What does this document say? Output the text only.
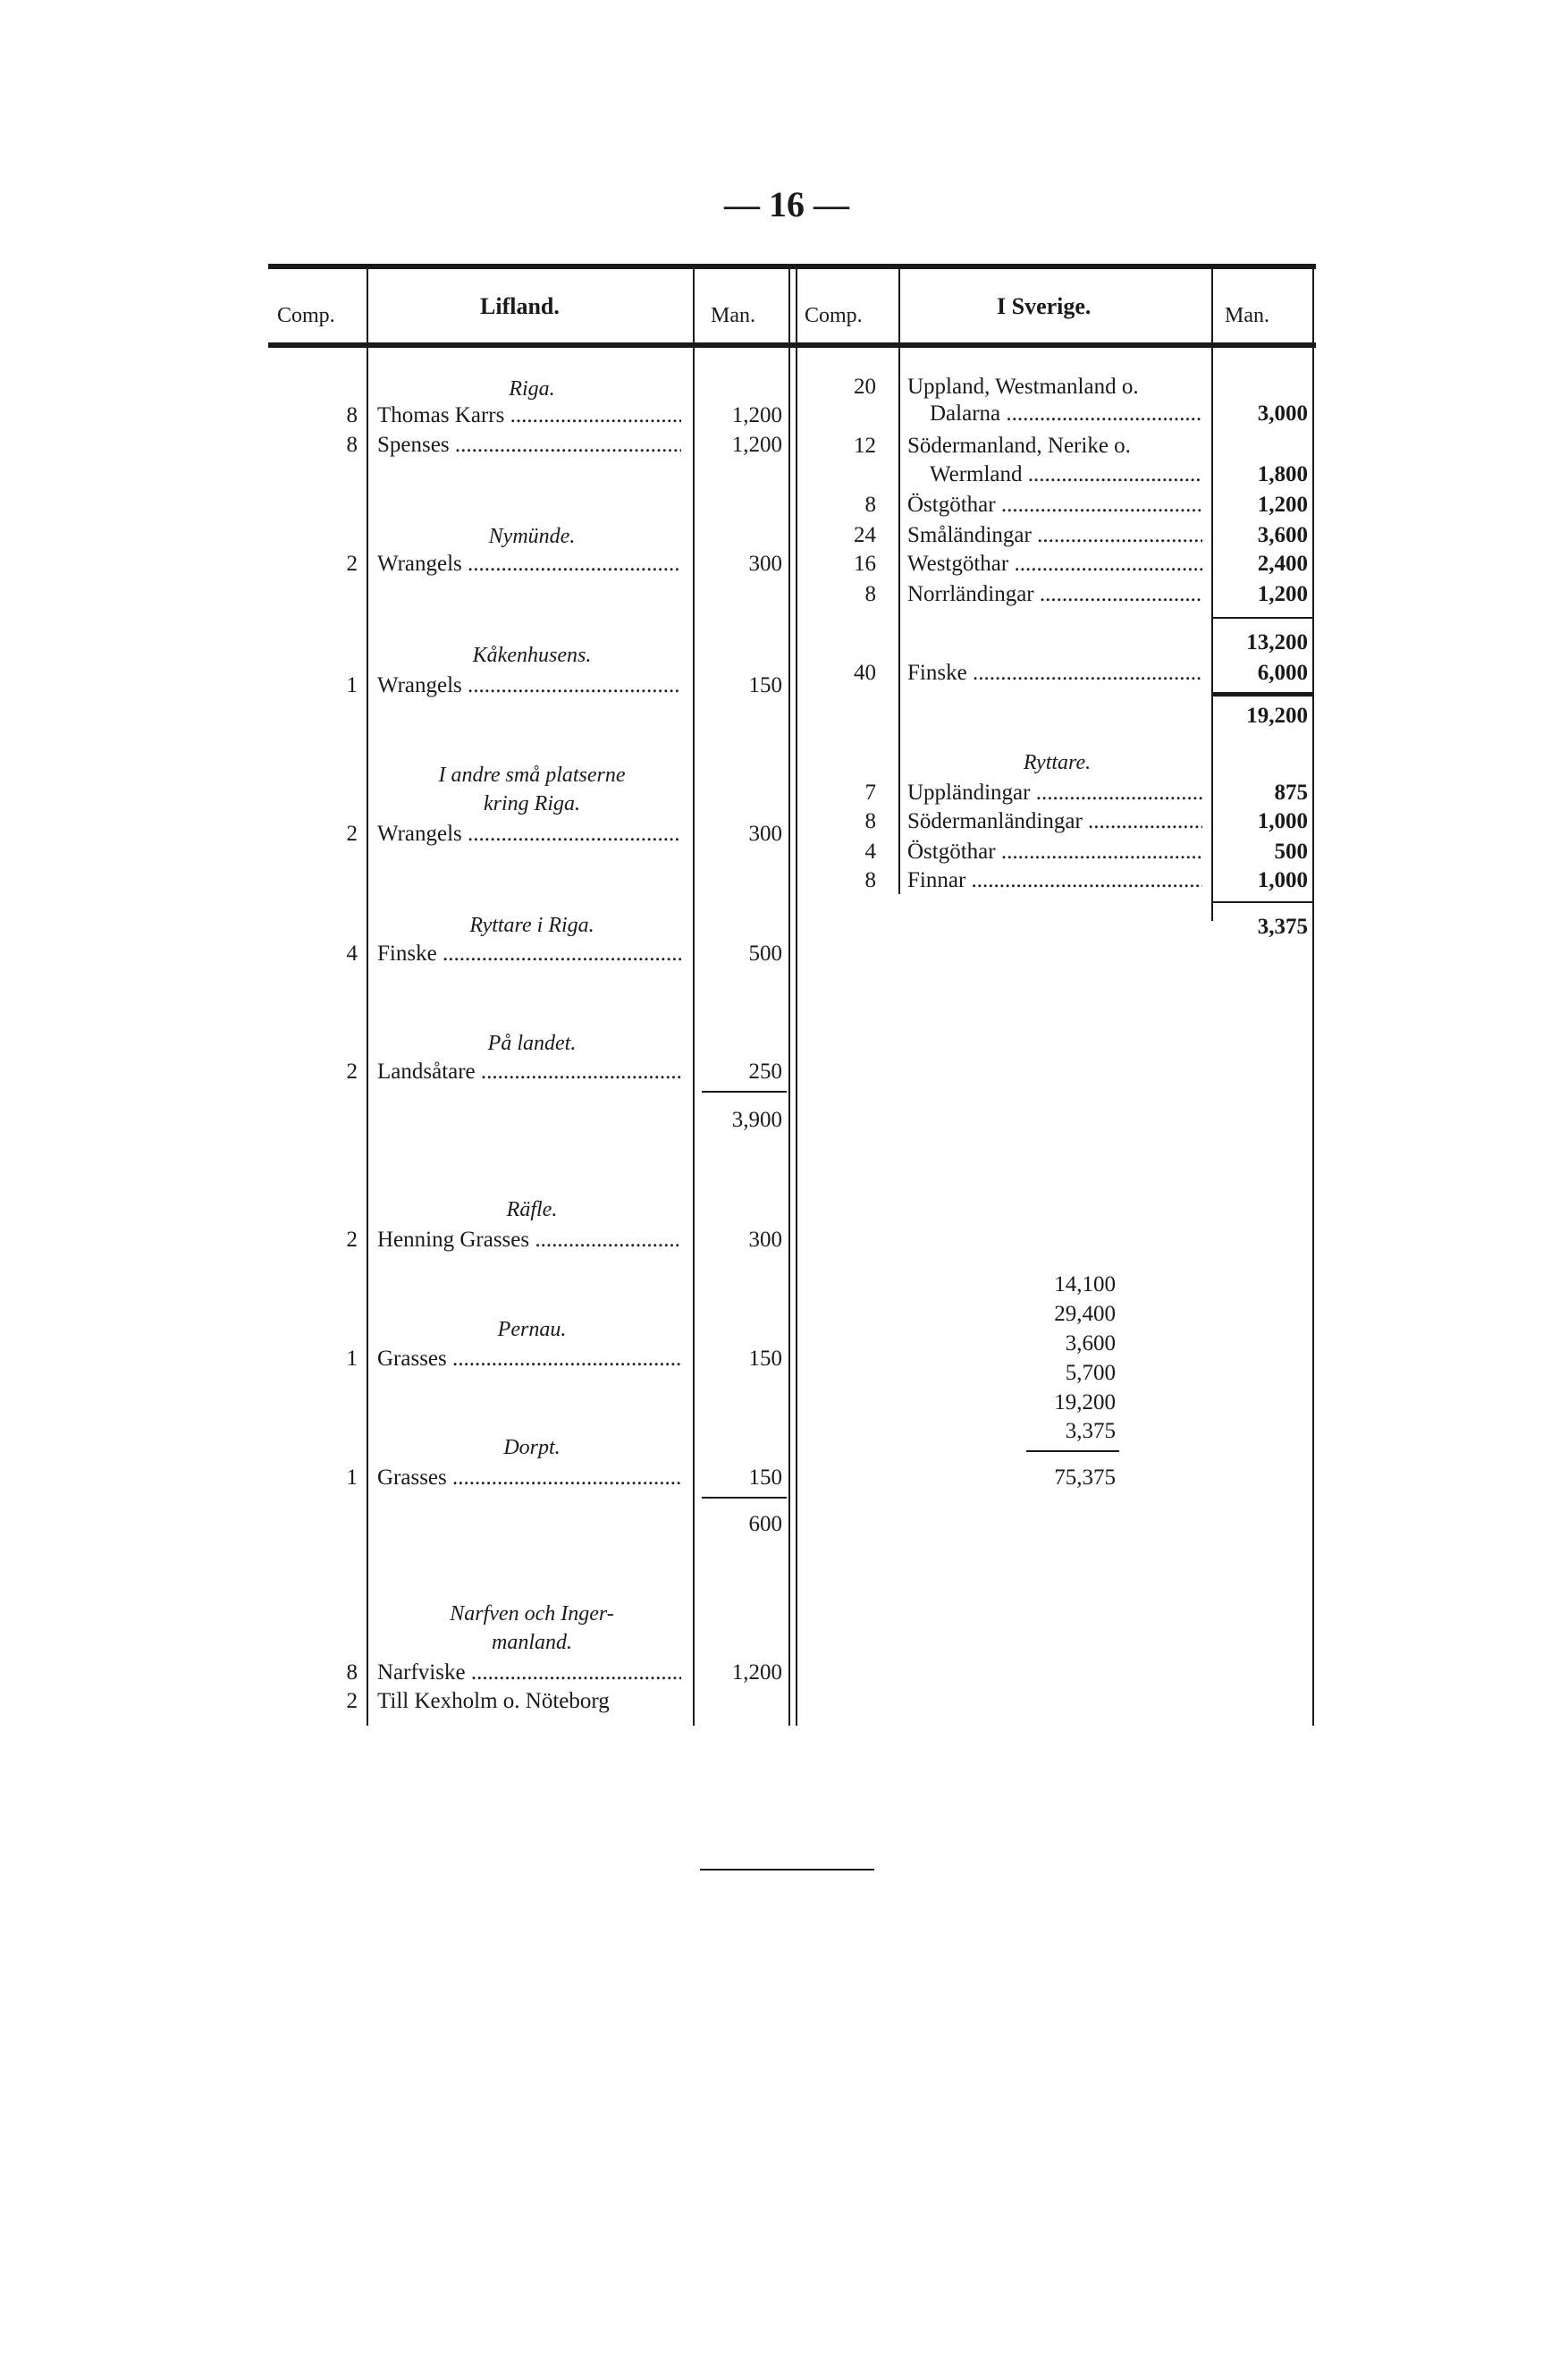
— 16 —
Comp.	Lifland.	Man. Comp.	I Sverige.	Man.
Riga.
8 Thomas Karrs .....	1,200
8 Spenses .....	1,200
Nymünde.
2 Wrangels .....	300
Kåkenhusens.
1 Wrangels .....	150
I andre små platserne
kring Riga.
2 Wrangels .....	300
Ryttare i Riga.
4 Finske .....	500
På landet.
2 Landsåtare .....	250
3,900
Räfle.
2 Henning Grasses .....	300
Pernau.
1 Grasses .....	150
Dorpt.
1 Grasses .....	150
600
Narfven och Inger-
manland.
8 Narfviske .....	1,200
2 Till Kexholm o. Nöteborg
20 Uppland, Westmanland o.
Dalarna .....	3,000
12 Södermanland, Nerike o.
Wermland .....	1,800
8 Östgöthar .....	1,200
24 Småländingar .....	3,600
16 Westgöthar .....	2,400
8 Norrländingar .....	1,200
13,200
40 Finske .....	6,000
19,200
Ryttare.
7 Uppländingar .....	875
8 Södermanländingar .....	1,000
4 Östgöthar .....	500
8 Finnar .....	1,000
3,375
14,100
29,400
3,600
5,700
19,200
3,375
75,375
